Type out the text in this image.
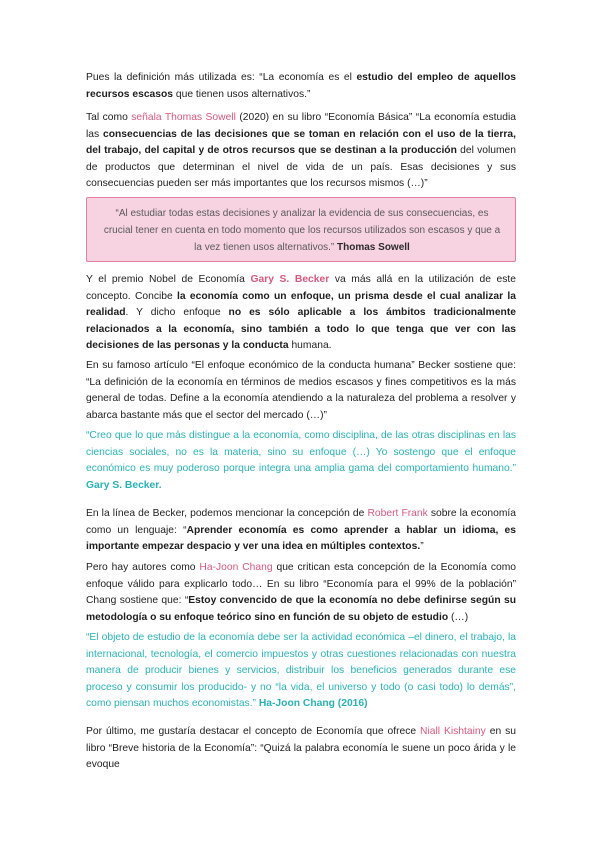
Pues la definición más utilizada es: “La economía es el estudio del empleo de aquellos recursos escasos que tienen usos alternativos.”

Tal como señala Thomas Sowell (2020) en su libro “Economía Básica” “La economía estudia las consecuencias de las decisiones que se toman en relación con el uso de la tierra, del trabajo, del capital y de otros recursos que se destinan a la producción del volumen de productos que determinan el nivel de vida de un país. Esas decisiones y sus consecuencias pueden ser más importantes que los recursos mismos (…)”

“Al estudiar todas estas decisiones y analizar la evidencia de sus consecuencias, es crucial tener en cuenta en todo momento que los recursos utilizados son escasos y que a la vez tienen usos alternativos.” Thomas Sowell

Y el premio Nobel de Economía Gary S. Becker va más allá en la utilización de este concepto. Concibe la economía como un enfoque, un prisma desde el cual analizar la realidad. Y dicho enfoque no es sólo aplicable a los ámbitos tradicionalmente relacionados a la economía, sino también a todo lo que tenga que ver con las decisiones de las personas y la conducta humana.

En su famoso artículo “El enfoque económico de la conducta humana” Becker sostiene que: “La definición de la economía en términos de medios escasos y fines competitivos es la más general de todas. Define a la economía atendiendo a la naturaleza del problema a resolver y abarca bastante más que el sector del mercado (…)”

“Creo que lo que más distingue a la economía, como disciplina, de las otras disciplinas en las ciencias sociales, no es la materia, sino su enfoque (…) Yo sostengo que el enfoque económico es muy poderoso porque integra una amplia gama del comportamiento humano.” Gary S. Becker.

En la línea de Becker, podemos mencionar la concepción de Robert Frank sobre la economía como un lenguaje: “Aprender economía es como aprender a hablar un idioma, es importante empezar despacio y ver una idea en múltiples contextos.”

Pero hay autores como Ha-Joon Chang que critican esta concepción de la Economía como enfoque válido para explicarlo todo… En su libro “Economía para el 99% de la población” Chang sostiene que: “Estoy convencido de que la economía no debe definirse según su metodología o su enfoque teórico sino en función de su objeto de estudio (…)

“El objeto de estudio de la economía debe ser la actividad económica –el dinero, el trabajo, la internacional, tecnología, el comercio impuestos y otras cuestiones relacionadas con nuestra manera de producir bienes y servicios, distribuir los beneficios generados durante ese proceso y consumir los producido- y no “la vida, el universo y todo (o casi todo) lo demás”, como piensan muchos economistas.” Ha-Joon Chang (2016)

Por último, me gustaría destacar el concepto de Economía que ofrece Niall Kishtainy en su libro “Breve historia de la Economía”: “Quizá la palabra economía le suene un poco árida y le evoque
